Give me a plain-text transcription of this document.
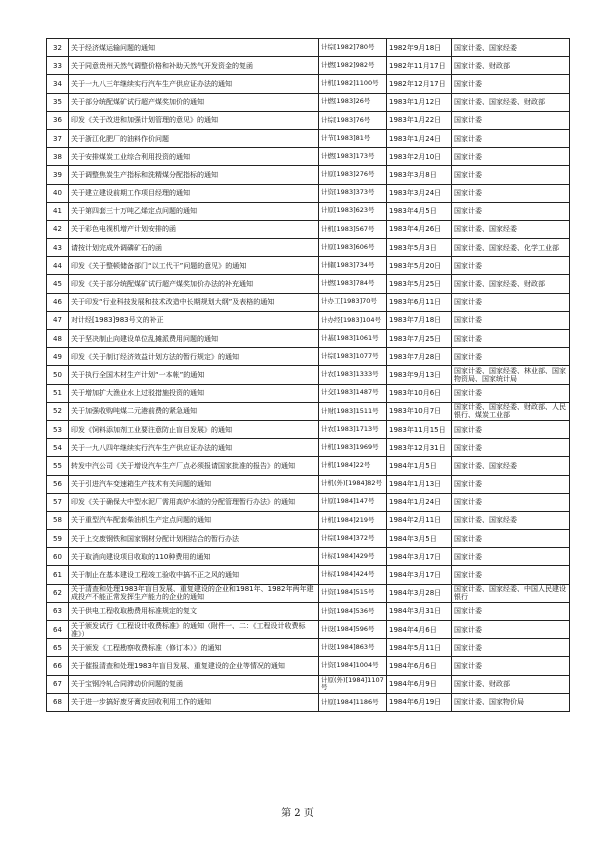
32	关于经济煤运输问题的通知	计综[1982]780号	1982年9月18日	国家计委、国家经委
33	关于同意贵州天然气调整价格和补助天然气开发资金的复函	计燃[1982]982号	1982年11月17日	国家计委、财政部
34	关于一九八三年继续实行汽车生产供应证办法的通知	计机[1982]1100号	1982年12月17日	国家计委
35	关于部分统配煤矿试行超产煤奖加价的通知	计燃[1983]26号	1983年1月12日	国家计委、国家经委、财政部
36	印发《关于改进和加强计划管理的意见》的通知	计综[1983]76号	1983年1月22日	国家计委
37	关于浙江化肥厂的油料作价问题	计节[1983]81号	1983年1月24日	国家计委
38	关于安排煤炭工业综合利用投资的通知	计燃[1983]173号	1983年2月10日	国家计委
39	关于调整焦炭生产指标和洗精煤分配指标的通知	计原[1983]276号	1983年3月8日	国家计委
40	关于建立建设前期工作项目经理的通知	计资[1983]373号	1983年3月24日	国家计委
41	关于第四套三十万吨乙烯定点问题的通知	计原[1983]623号	1983年4月5日	国家计委
42	关于彩色电视机增产计划安排的函	计机[1983]567号	1983年4月26日	国家计委、国家经委
43	请按计划完成外调磷矿石的函	计原[1983]606号	1983年5月3日	国家计委、国家经委、化学工业部
44	印发《关于整顿储备部门“以工代干”问题的意见》的通知	计储[1983]734号	1983年5月20日	国家计委
45	印发《关于部分统配煤矿试行超产煤奖加价办法的补充通知	计燃[1983]784号	1983年5月25日	国家计委、国家经委、财政部
46	关于印发“行业科技发展和技术改造中长期规划大纲”及表格的通知	计办工[1983]70号	1983年6月11日	国家计委
47	对计经[1983]983号文的补正	计办经[1983]104号	1983年7月18日	国家计委
48	关于坚决制止向建设单位乱摊派费用问题的通知	计基[1983]1061号	1983年7月25日	国家计委
49	印发《关于制订经济效益计划方法的暂行规定》的通知	计综[1983]1077号	1983年7月28日	国家计委
50	关于执行全国木材生产计划“一本帐”的通知	计农[1983]1333号	1983年9月13日	国家计委、国家经委、林业部、国家物资局、国家统计局
51	关于增加扩大渔业水上过驳措施投资的通知	计交[1983]1487号	1983年10月6日	国家计委
52	关于加强收购吨煤二元港前费的紧急通知	计财[1983]1511号	1983年10月7日	国家计委、国家经委、财政部、人民银行、煤炭工业部
53	印发《饲料添加剂工业要注意防止盲目发展》的通知	计农[1983]1713号	1983年11月15日	国家计委
54	关于一九八四年继续实行汽车生产供应证办法的通知	计机[1983]1969号	1983年12月31日	国家计委
55	转发中汽公司《关于增设汽车生产厂点必须报请国家批准的报告》的通知	计机[1984]22号	1984年1月5日	国家计委、国家经委
56	关于引进汽车变速箱生产技术有关问题的通知	计机(外)[1984]82号	1984年1月13日	国家计委
57	印发《关于确保大中型水泥厂需用高炉水渣的分配管理暂行办法》的通知	计原[1984]147号	1984年1月24日	国家计委
58	关于重型汽车配套柴油机生产定点问题的通知	计机[1984]219号	1984年2月11日	国家计委、国家经委
59	关于上交废钢铁和国家钢材分配计划相结合的暂行办法	计综[1984]372号	1984年3月5日	国家计委
60	关于取消向建设项目收取的110种费用的通知	计标[1984]429号	1984年3月17日	国家计委
61	关于制止在基本建设工程竣工验收中搞不正之风的通知	计标[1984]424号	1984年3月17日	国家计委
62	关于清查和处理1983年盲目发展、重复建设的企业和1981年、1982年两年建成投产不能正常发挥生产能力的企业的通知	计资[1984]515号	1984年3月28日	国家计委、国家经委、中国人民建设银行
63	关于供电工程收取勘费用标准规定的复文	计资[1984]536号	1984年3月31日	国家计委
64	关于颁发试行《工程设计收费标准》的通知（附件一、二：《工程设计收费标准》）	计设[1984]596号	1984年4月6日	国家计委
65	关于颁发《工程勘察收费标准（修订本）》的通知	计设[1984]863号	1984年5月11日	国家计委
66	关于催报清查和处理1983年盲目发展、重复建设的企业等情况的通知	计资[1984]1004号	1984年6月6日	国家计委
67	关于宝钢冷轧合同滞动价问题的复函	计原(外)[1984]1107号	1984年6月9日	国家计委、财政部
68	关于进一步搞好废牙膏皮回收利用工作的通知	计原[1984]1186号	1984年6月19日	国家计委、国家物价局
第 2 页
